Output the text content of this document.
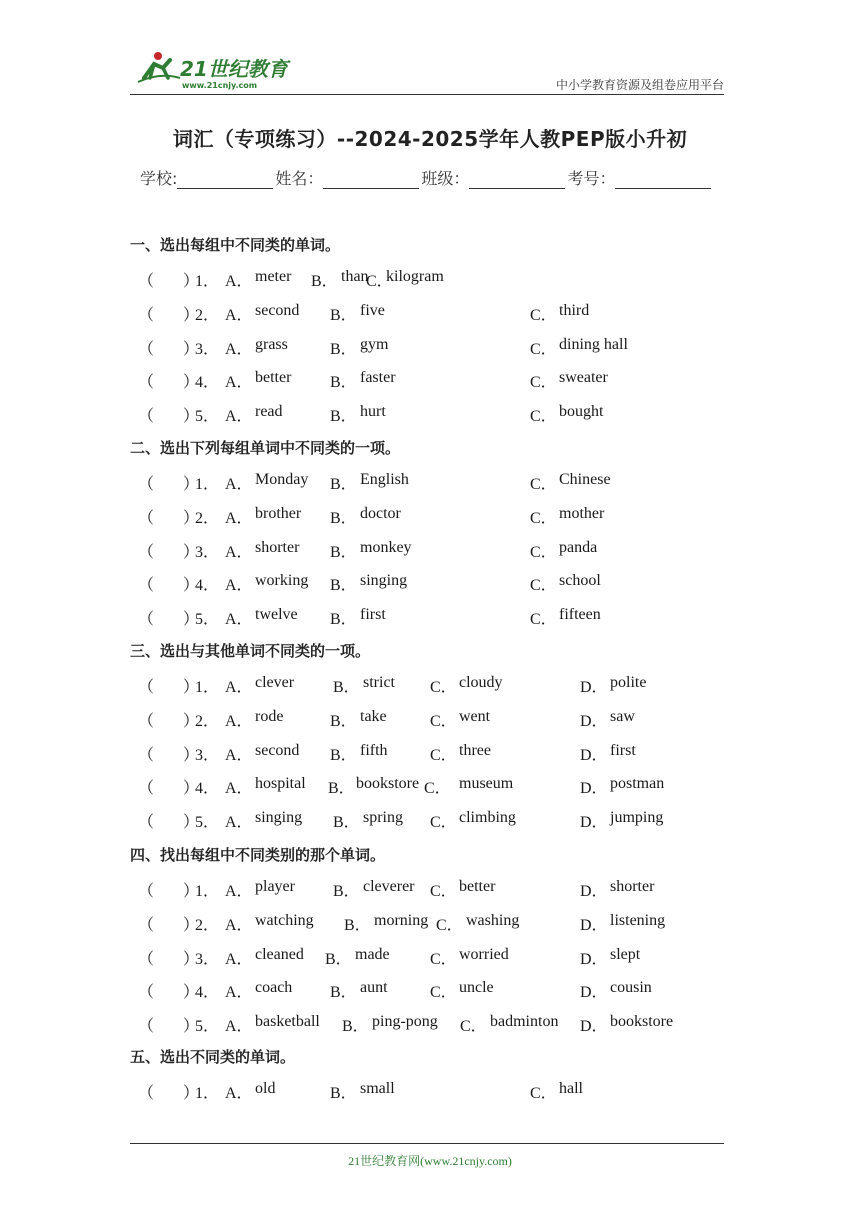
21世纪教育
www.21cnjy.com	中小学教育资源及组卷应用平台
词汇（专项练习）--2024-2025学年人教PEP版小升初
学校:	姓名：	班级：	考号：
一、选出每组中不同类的单词。
（ ）
1． A． meter B． than
C．
kilogram
（ ）
2． A． second B． five	C． third
（ ）
3． A． grass	B． gym	C． dining hall
（ ）
4． A． better B． faster	C． sweater
（ ）
5． A． read	B． hurt	C． bought
二、选出下列每组单词中不同类的一项。
（ ）
1． A． Monday B． English	C． Chinese
（ ）
2． A． brother B． doctor	C． mother
（ ）
3． A． shorter B． monkey	C． panda
（ ）
4． A． working B． singing	C． school
（ ）
5． A． twelve B． first	C． fifteen
三、选出与其他单词不同类的一项。
（ ）
1． A． clever B． strict C． cloudy	D． polite
（ ）
2． A． rode	B． take	C． went	D． saw
（ ）
3． A． second B． fifth	C． three	D． first
（ ）
4． A． hospital B． bookstore C． museum	D． postman
（ ）
5． A． singing B． spring C． climbing	D． jumping
四、找出每组中不同类别的那个单词。
（ ）
1． A． player B． cleverer C． better	D． shorter
（ ）
2． A． watching B． morning C． washing	D． listening
（ ）
3． A． cleaned B． made	C． worried	D． slept
（ ）
4． A． coach B． aunt	C． uncle	D． cousin
（ ）
5． A． basketball B． ping-pong C． badminton D． bookstore
五、选出不同类的单词。
（ ）
1． A． old	B． small	C． hall
21世纪教育网(www.21cnjy.com)
